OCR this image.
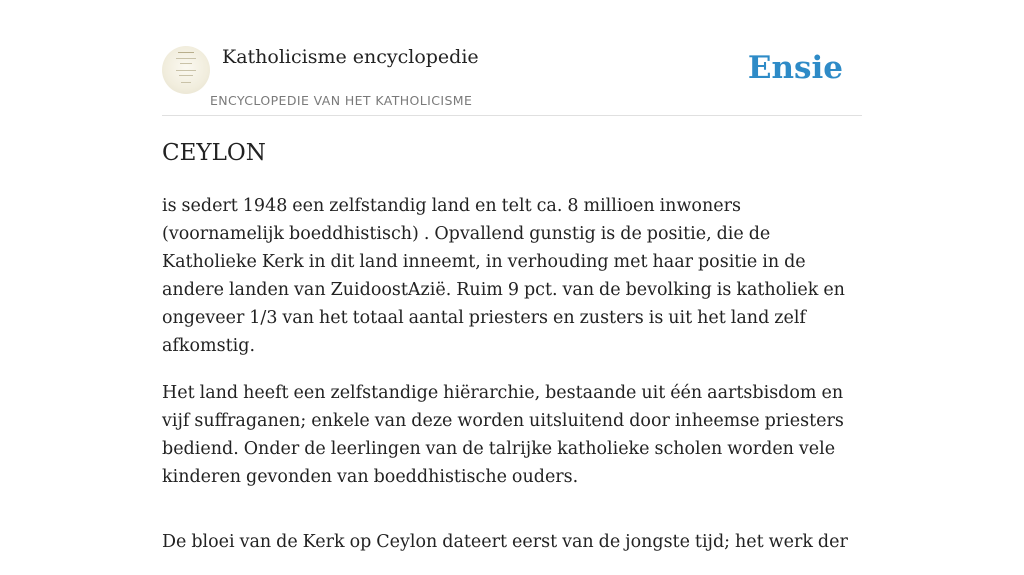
Katholicisme encyclopedie
ENCYCLOPEDIE VAN HET KATHOLICISME
Ensie
CEYLON

is sedert 1948 een zelfstandig land en telt ca. 8 millioen inwoners (voornamelijk boeddhistisch) . Opvallend gunstig is de positie, die de Katholieke Kerk in dit land inneemt, in verhouding met haar positie in de andere landen van ZuidoostAzië. Ruim 9 pct. van de bevolking is katholiek en ongeveer 1/3 van het totaal aantal priesters en zusters is uit het land zelf afkomstig.

Het land heeft een zelfstandige hiërarchie, bestaande uit één aartsbisdom en vijf suffraganen; enkele van deze worden uitsluitend door inheemse priesters bediend. Onder de leerlingen van de talrijke katholieke scholen worden vele kinderen gevonden van boeddhistische ouders.

De bloei van de Kerk op Ceylon dateert eerst van de jongste tijd; het werk der
